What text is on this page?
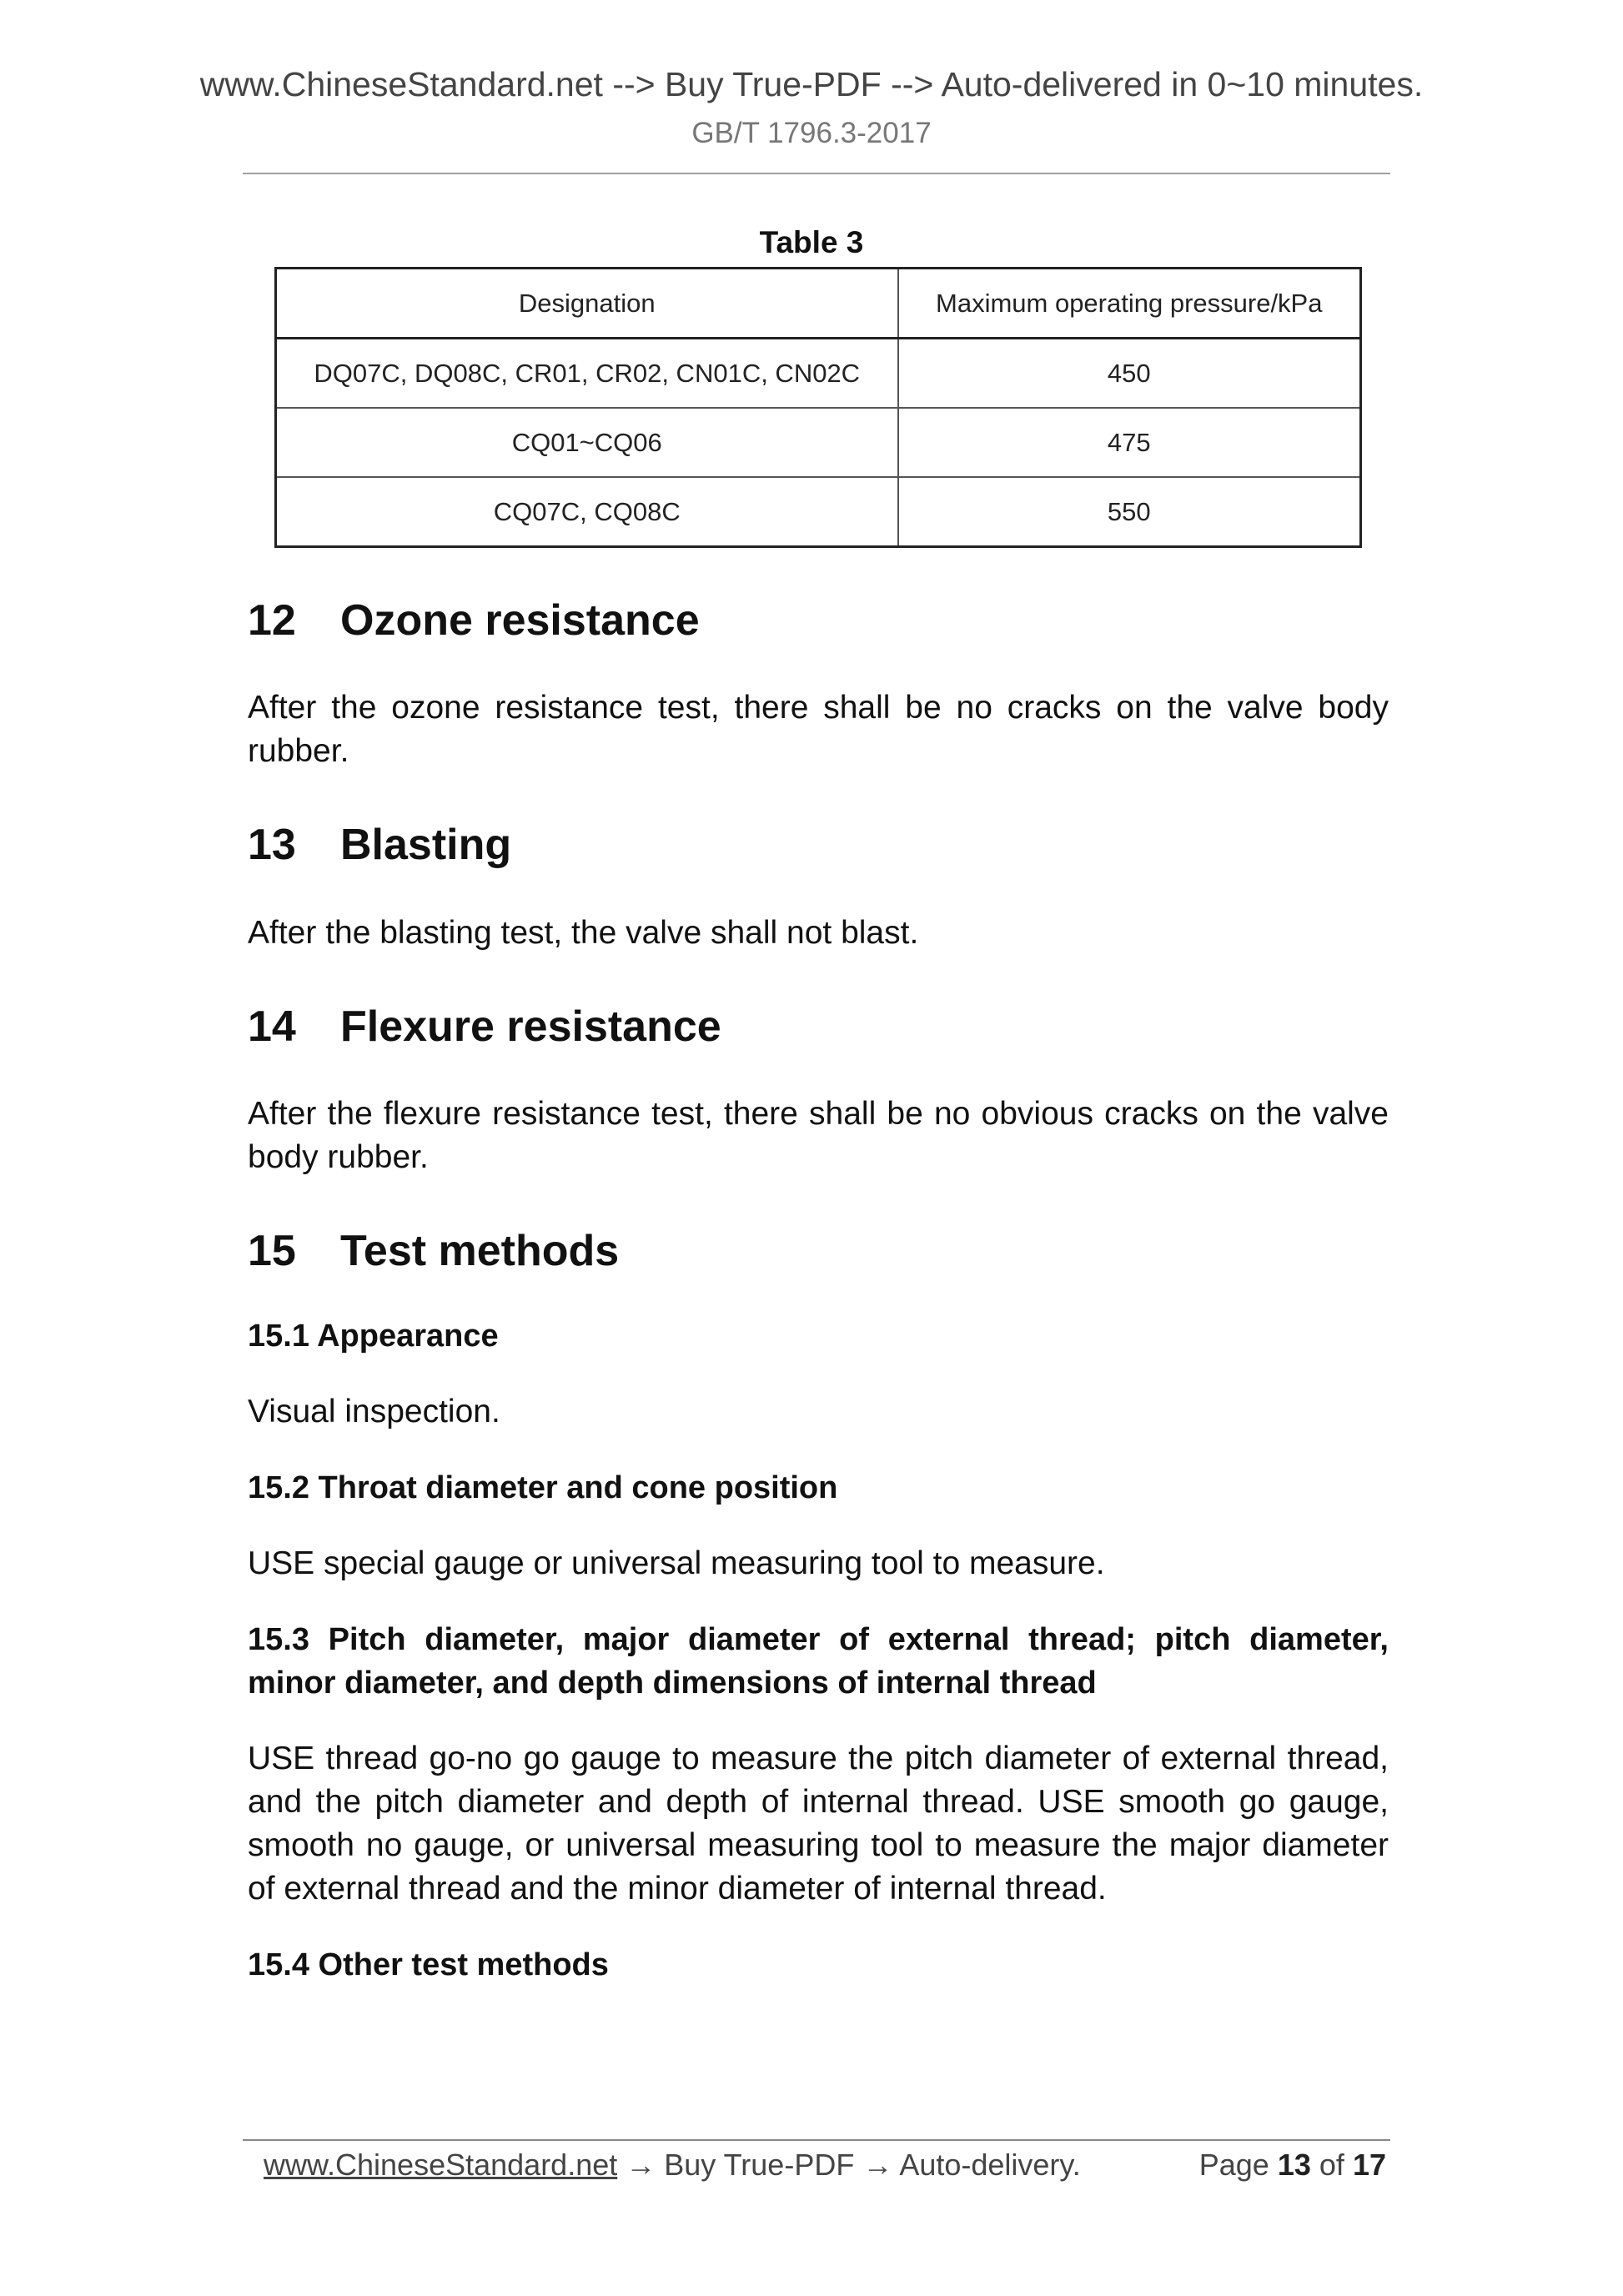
www.ChineseStandard.net --> Buy True-PDF --> Auto-delivered in 0~10 minutes.
GB/T 1796.3-2017
Table 3
Designation	Maximum operating pressure/kPa
DQ07C, DQ08C, CR01, CR02, CN01C, CN02C	450
CQ01~CQ06	475
CQ07C, CQ08C	550
12 Ozone resistance

After the ozone resistance test, there shall be no cracks on the valve body rubber.

13 Blasting

After the blasting test, the valve shall not blast.

14 Flexure resistance

After the flexure resistance test, there shall be no obvious cracks on the valve body rubber.

15 Test methods
15.1 Appearance

Visual inspection.

15.2 Throat diameter and cone position

USE special gauge or universal measuring tool to measure.

15.3 Pitch diameter, major diameter of external thread; pitch diameter, minor diameter, and depth dimensions of internal thread

USE thread go-no go gauge to measure the pitch diameter of external thread, and the pitch diameter and depth of internal thread. USE smooth go gauge, smooth no gauge, or universal measuring tool to measure the major diameter of external thread and the minor diameter of internal thread.

15.4 Other test methods
www.ChineseStandard.net → Buy True-PDF → Auto-delivery.	Page 13 of 17
